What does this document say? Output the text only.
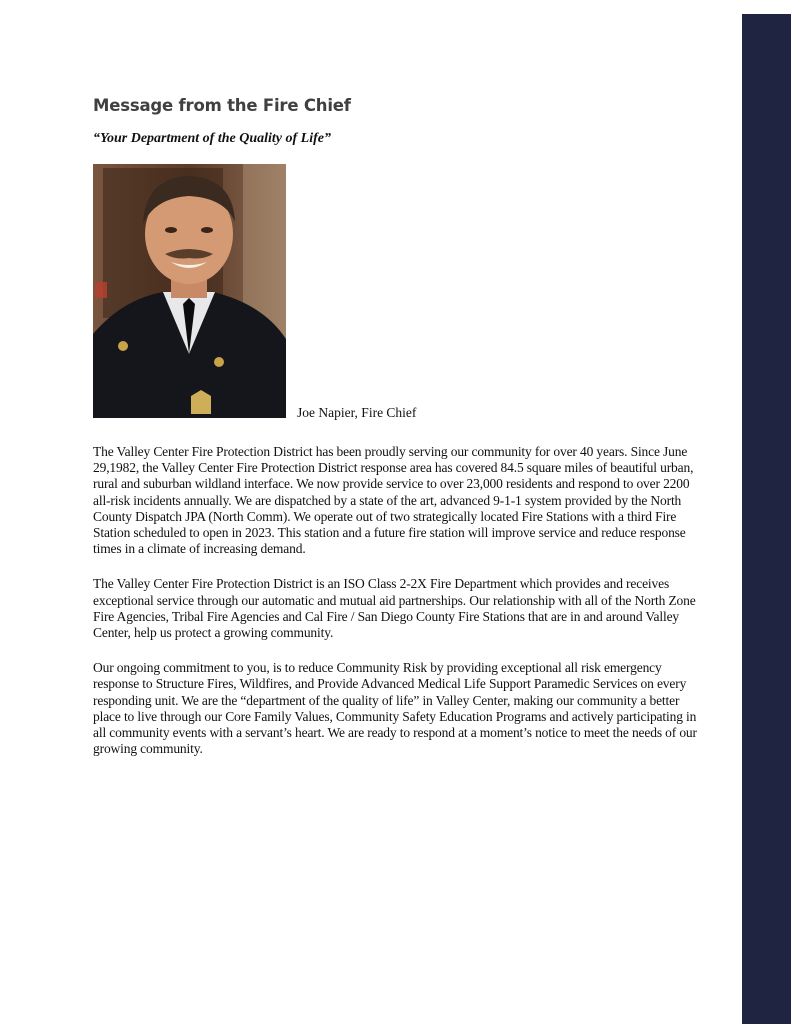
Message from the Fire Chief

“Your Department of the Quality of Life”

Joe Napier, Fire Chief

The Valley Center Fire Protection District has been proudly serving our community for over 40 years. Since June 29,1982, the Valley Center Fire Protection District response area has covered 84.5 square miles of beautiful urban, rural and suburban wildland interface. We now provide service to over 23,000 residents and respond to over 2200 all-risk incidents annually. We are dispatched by a state of the art, advanced 9-1-1 system provided by the North County Dispatch JPA (North Comm). We operate out of two strategically located Fire Stations with a third Fire Station scheduled to open in 2023. This station and a future fire station will improve service and reduce response times in a climate of increasing demand.

The Valley Center Fire Protection District is an ISO Class 2-2X Fire Department which provides and receives exceptional service through our automatic and mutual aid partnerships. Our relationship with all of the North Zone Fire Agencies, Tribal Fire Agencies and Cal Fire / San Diego County Fire Stations that are in and around Valley Center, help us protect a growing community.

Our ongoing commitment to you, is to reduce Community Risk by providing exceptional all risk emergency response to Structure Fires, Wildfires, and Provide Advanced Medical Life Support Paramedic Services on every responding unit. We are the “department of the quality of life” in Valley Center, making our community a better place to live through our Core Family Values, Community Safety Education Programs and actively participating in all community events with a servant’s heart. We are ready to respond at a moment’s notice to meet the needs of our growing community.
